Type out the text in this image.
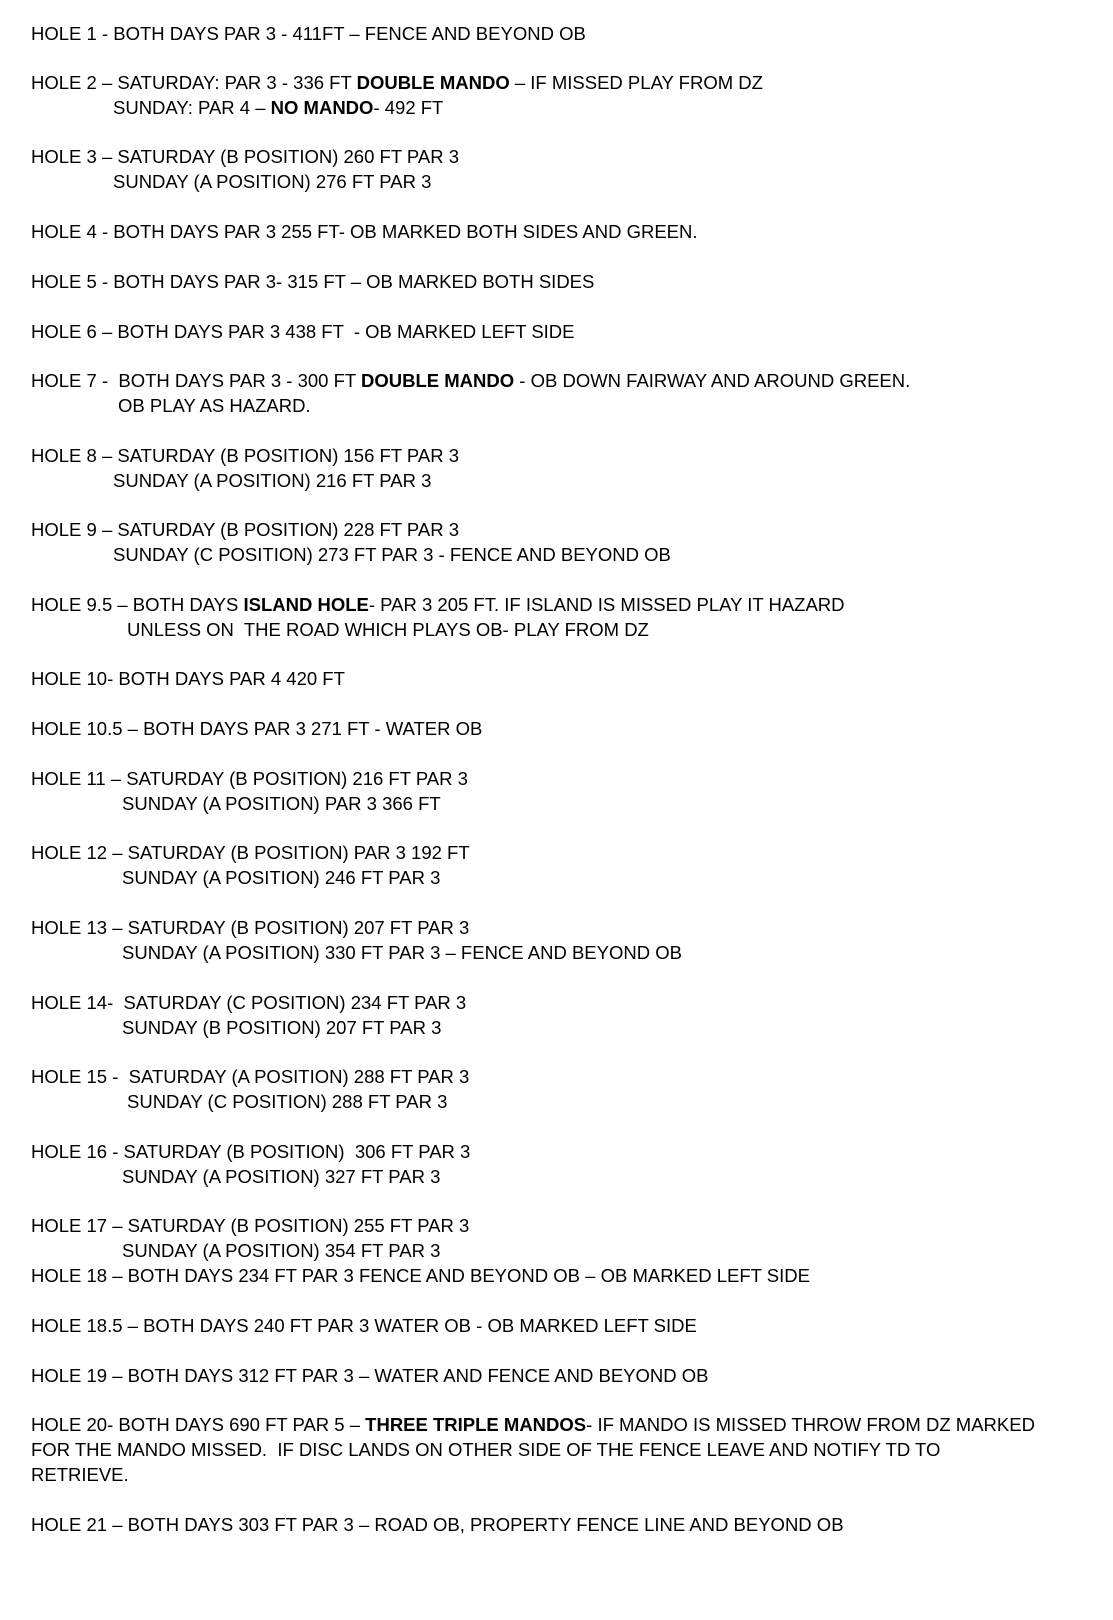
HOLE 1 - BOTH DAYS PAR 3 - 411FT – FENCE AND BEYOND OB
HOLE 2 – SATURDAY: PAR 3 - 336 FT DOUBLE MANDO – IF MISSED PLAY FROM DZ
SUNDAY: PAR 4 – NO MANDO- 492 FT
HOLE 3 – SATURDAY (B POSITION) 260 FT PAR 3
SUNDAY (A POSITION) 276 FT PAR 3
HOLE 4 - BOTH DAYS PAR 3 255 FT- OB MARKED BOTH SIDES AND GREEN.
HOLE 5 - BOTH DAYS PAR 3- 315 FT – OB MARKED BOTH SIDES
HOLE 6 – BOTH DAYS PAR 3 438 FT  - OB MARKED LEFT SIDE
HOLE 7 -  BOTH DAYS PAR 3 - 300 FT DOUBLE MANDO - OB DOWN FAIRWAY AND AROUND GREEN.
OB PLAY AS HAZARD.
HOLE 8 – SATURDAY (B POSITION) 156 FT PAR 3
SUNDAY (A POSITION) 216 FT PAR 3
HOLE 9 – SATURDAY (B POSITION) 228 FT PAR 3
SUNDAY (C POSITION) 273 FT PAR 3 - FENCE AND BEYOND OB
HOLE 9.5 – BOTH DAYS ISLAND HOLE- PAR 3 205 FT. IF ISLAND IS MISSED PLAY IT HAZARD
UNLESS ON  THE ROAD WHICH PLAYS OB- PLAY FROM DZ
HOLE 10- BOTH DAYS PAR 4 420 FT
HOLE 10.5 – BOTH DAYS PAR 3 271 FT - WATER OB
HOLE 11 – SATURDAY (B POSITION) 216 FT PAR 3
SUNDAY (A POSITION) PAR 3 366 FT
HOLE 12 – SATURDAY (B POSITION) PAR 3 192 FT
SUNDAY (A POSITION) 246 FT PAR 3
HOLE 13 – SATURDAY (B POSITION) 207 FT PAR 3
SUNDAY (A POSITION) 330 FT PAR 3 – FENCE AND BEYOND OB
HOLE 14-  SATURDAY (C POSITION) 234 FT PAR 3
SUNDAY (B POSITION) 207 FT PAR 3
HOLE 15 -  SATURDAY (A POSITION) 288 FT PAR 3
SUNDAY (C POSITION) 288 FT PAR 3
HOLE 16 - SATURDAY (B POSITION)  306 FT PAR 3
SUNDAY (A POSITION) 327 FT PAR 3
HOLE 17 – SATURDAY (B POSITION) 255 FT PAR 3
SUNDAY (A POSITION) 354 FT PAR 3
HOLE 18 – BOTH DAYS 234 FT PAR 3 FENCE AND BEYOND OB – OB MARKED LEFT SIDE
HOLE 18.5 – BOTH DAYS 240 FT PAR 3 WATER OB - OB MARKED LEFT SIDE
HOLE 19 – BOTH DAYS 312 FT PAR 3 – WATER AND FENCE AND BEYOND OB
HOLE 20- BOTH DAYS 690 FT PAR 5 – THREE TRIPLE MANDOS- IF MANDO IS MISSED THROW FROM DZ MARKED
FOR THE MANDO MISSED.  IF DISC LANDS ON OTHER SIDE OF THE FENCE LEAVE AND NOTIFY TD TO
RETRIEVE.
HOLE 21 – BOTH DAYS 303 FT PAR 3 – ROAD OB, PROPERTY FENCE LINE AND BEYOND OB
